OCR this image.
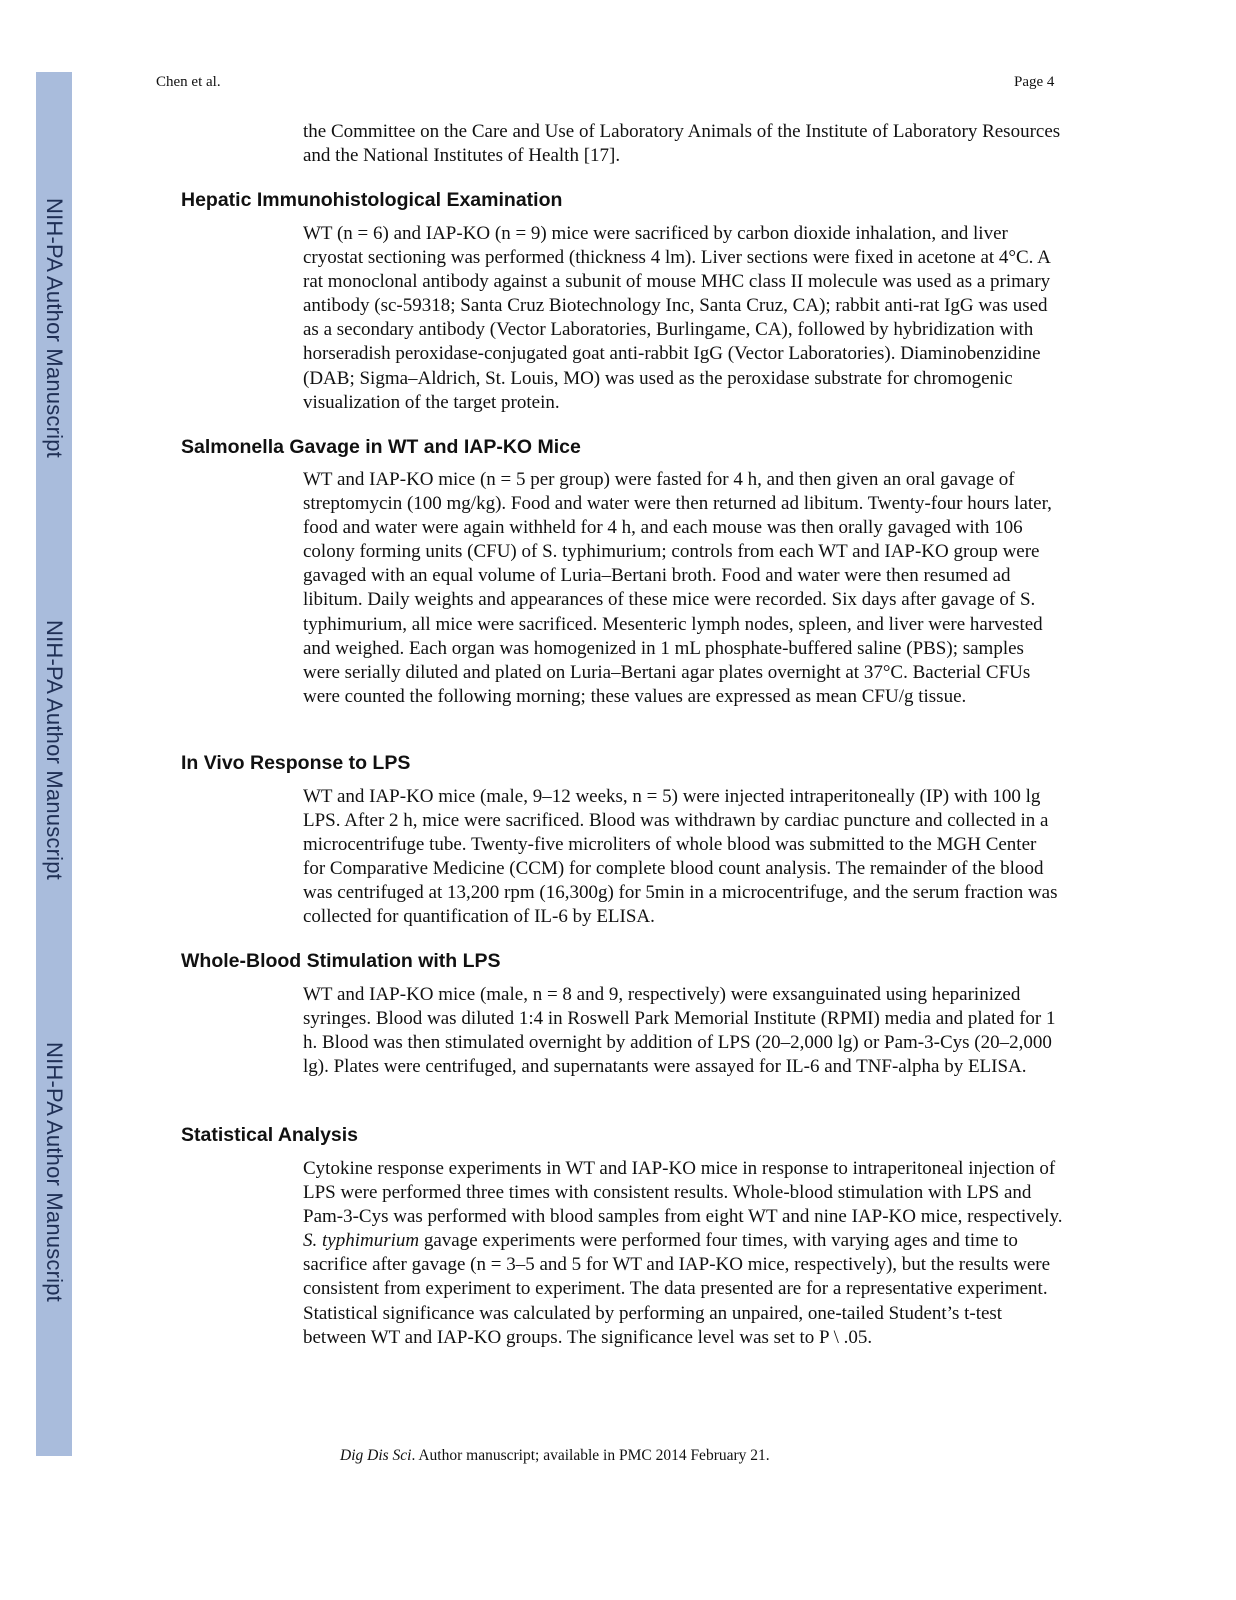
NIH-PA Author Manuscript
NIH-PA Author Manuscript
NIH-PA Author Manuscript
Chen et al.	Page 4

the Committee on the Care and Use of Laboratory Animals of the Institute of Laboratory Resources and the National Institutes of Health [17].

Hepatic Immunohistological Examination

WT (n = 6) and IAP-KO (n = 9) mice were sacrificed by carbon dioxide inhalation, and liver cryostat sectioning was performed (thickness 4 lm). Liver sections were fixed in acetone at 4°C. A rat monoclonal antibody against a subunit of mouse MHC class II molecule was used as a primary antibody (sc-59318; Santa Cruz Biotechnology Inc, Santa Cruz, CA); rabbit anti-rat IgG was used as a secondary antibody (Vector Laboratories, Burlingame, CA), followed by hybridization with horseradish peroxidase-conjugated goat anti-rabbit IgG (Vector Laboratories). Diaminobenzidine (DAB; Sigma–Aldrich, St. Louis, MO) was used as the peroxidase substrate for chromogenic visualization of the target protein.

Salmonella Gavage in WT and IAP-KO Mice

WT and IAP-KO mice (n = 5 per group) were fasted for 4 h, and then given an oral gavage of streptomycin (100 mg/kg). Food and water were then returned ad libitum. Twenty-four hours later, food and water were again withheld for 4 h, and each mouse was then orally gavaged with 106 colony forming units (CFU) of S. typhimurium; controls from each WT and IAP-KO group were gavaged with an equal volume of Luria–Bertani broth. Food and water were then resumed ad libitum. Daily weights and appearances of these mice were recorded. Six days after gavage of S. typhimurium, all mice were sacrificed. Mesenteric lymph nodes, spleen, and liver were harvested and weighed. Each organ was homogenized in 1 mL phosphate-buffered saline (PBS); samples were serially diluted and plated on Luria–Bertani agar plates overnight at 37°C. Bacterial CFUs were counted the following morning; these values are expressed as mean CFU/g tissue.

In Vivo Response to LPS

WT and IAP-KO mice (male, 9–12 weeks, n = 5) were injected intraperitoneally (IP) with 100 lg LPS. After 2 h, mice were sacrificed. Blood was withdrawn by cardiac puncture and collected in a microcentrifuge tube. Twenty-five microliters of whole blood was submitted to the MGH Center for Comparative Medicine (CCM) for complete blood count analysis. The remainder of the blood was centrifuged at 13,200 rpm (16,300g) for 5min in a microcentrifuge, and the serum fraction was collected for quantification of IL-6 by ELISA.

Whole-Blood Stimulation with LPS

WT and IAP-KO mice (male, n = 8 and 9, respectively) were exsanguinated using heparinized syringes. Blood was diluted 1:4 in Roswell Park Memorial Institute (RPMI) media and plated for 1 h. Blood was then stimulated overnight by addition of LPS (20–2,000 lg) or Pam-3-Cys (20–2,000 lg). Plates were centrifuged, and supernatants were assayed for IL-6 and TNF-alpha by ELISA.

Statistical Analysis

Cytokine response experiments in WT and IAP-KO mice in response to intraperitoneal injection of LPS were performed three times with consistent results. Whole-blood stimulation with LPS and Pam-3-Cys was performed with blood samples from eight WT and nine IAP-KO mice, respectively. S. typhimurium gavage experiments were performed four times, with varying ages and time to sacrifice after gavage (n = 3–5 and 5 for WT and IAP-KO mice, respectively), but the results were consistent from experiment to experiment. The data presented are for a representative experiment. Statistical significance was calculated by performing an unpaired, one-tailed Student’s t-test between WT and IAP-KO groups. The significance level was set to P \ .05.

Dig Dis Sci. Author manuscript; available in PMC 2014 February 21.
